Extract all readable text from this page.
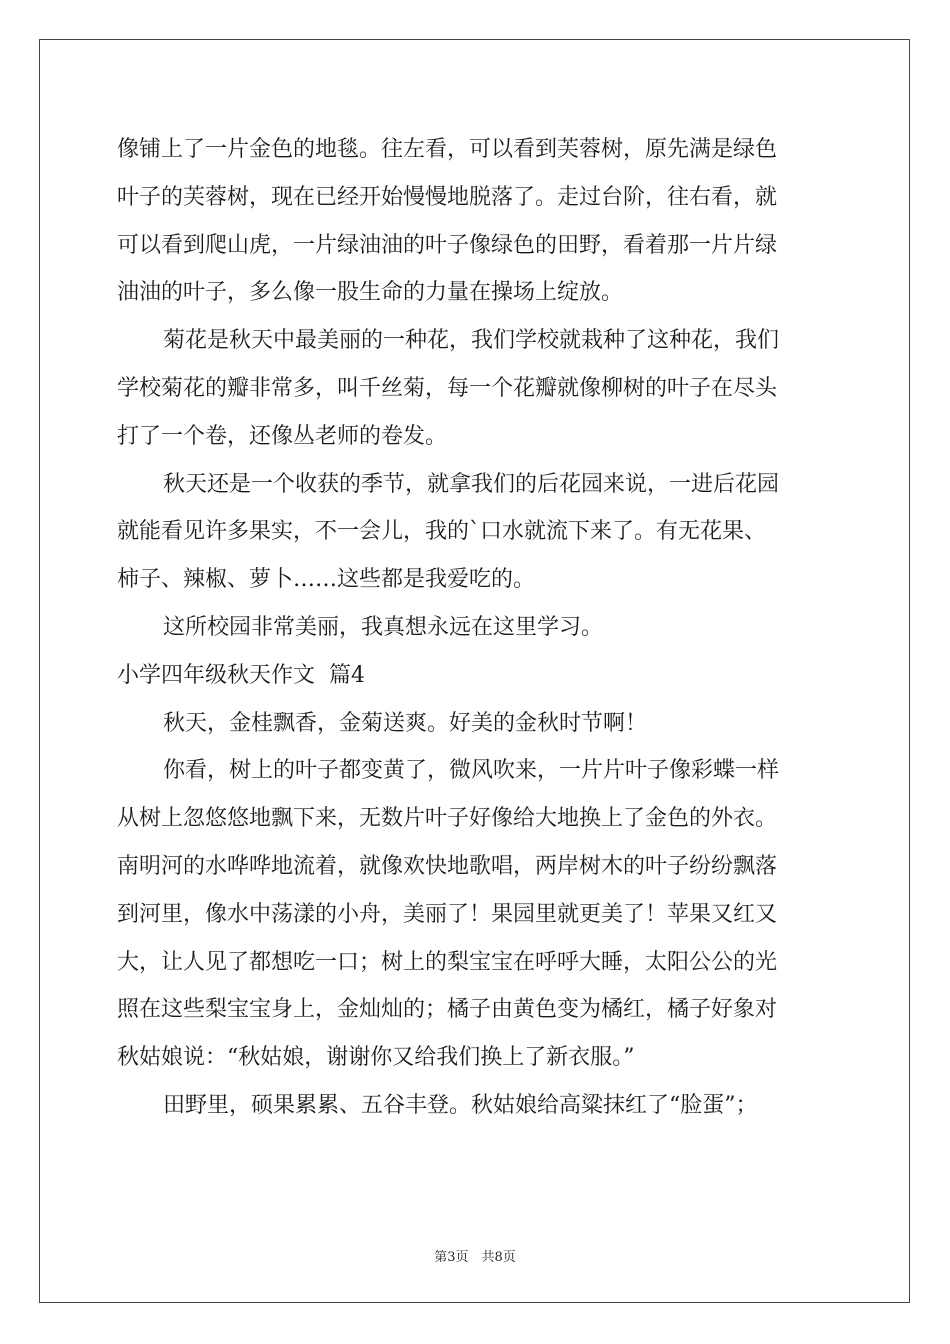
像铺上了一片金色的地毯。往左看，可以看到芙蓉树，原先满是绿色
叶子的芙蓉树，现在已经开始慢慢地脱落了。走过台阶，往右看，就
可以看到爬山虎，一片绿油油的叶子像绿色的田野，看着那一片片绿
油油的叶子，多么像一股生命的力量在操场上绽放。
菊花是秋天中最美丽的一种花，我们学校就栽种了这种花，我们
学校菊花的瓣非常多，叫千丝菊，每一个花瓣就像柳树的叶子在尽头
打了一个卷，还像丛老师的卷发。
秋天还是一个收获的季节，就拿我们的后花园来说，一进后花园
就能看见许多果实，不一会儿，我的`口水就流下来了。有无花果、
柿子、辣椒、萝卜……这些都是我爱吃的。
这所校园非常美丽，我真想永远在这里学习。
小学四年级秋天作文  篇4
秋天，金桂飘香，金菊送爽。好美的金秋时节啊！
你看，树上的叶子都变黄了，微风吹来，一片片叶子像彩蝶一样
从树上忽悠悠地飘下来，无数片叶子好像给大地换上了金色的外衣。
南明河的水哗哗地流着，就像欢快地歌唱，两岸树木的叶子纷纷飘落
到河里，像水中荡漾的小舟，美丽了！果园里就更美了！苹果又红又
大，让人见了都想吃一口；树上的梨宝宝在呼呼大睡，太阳公公的光
照在这些梨宝宝身上，金灿灿的；橘子由黄色变为橘红，橘子好象对
秋姑娘说：“秋姑娘，谢谢你又给我们换上了新衣服。”
田野里，硕果累累、五谷丰登。秋姑娘给高粱抹红了“脸蛋”；
第3页　共8页
